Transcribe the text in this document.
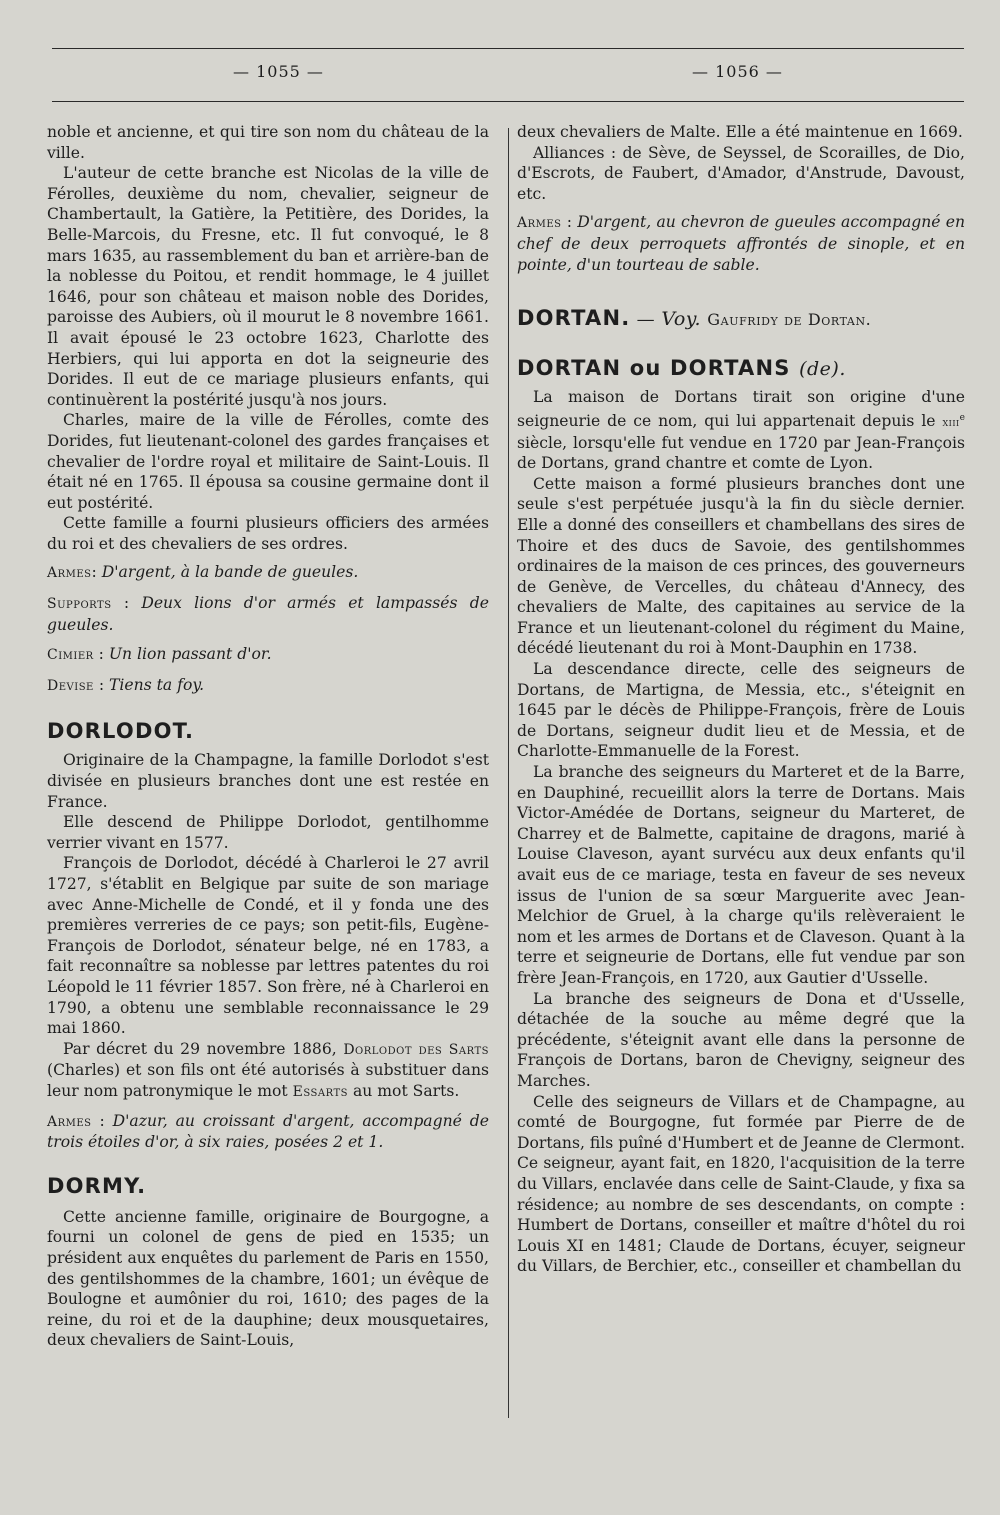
— 1055 —	— 1056 —

noble et ancienne, et qui tire son nom du château de la ville.

L'auteur de cette branche est Nicolas de la ville de Férolles, deuxième du nom, chevalier, seigneur de Chambertault, la Gatière, la Petitière, des Dorides, la Belle-Marcois, du Fresne, etc. Il fut convoqué, le 8 mars 1635, au rassemblement du ban et arrière-ban de la noblesse du Poitou, et rendit hommage, le 4 juillet 1646, pour son château et maison noble des Dorides, paroisse des Aubiers, où il mourut le 8 novembre 1661. Il avait épousé le 23 octobre 1623, Charlotte des Herbiers, qui lui apporta en dot la seigneurie des Dorides. Il eut de ce mariage plusieurs enfants, qui continuèrent la postérité jusqu'à nos jours.

Charles, maire de la ville de Férolles, comte des Dorides, fut lieutenant-colonel des gardes françaises et chevalier de l'ordre royal et militaire de Saint-Louis. Il était né en 1765. Il épousa sa cousine germaine dont il eut postérité.

Cette famille a fourni plusieurs officiers des armées du roi et des chevaliers de ses ordres.

Armes: D'argent, à la bande de gueules.

Supports : Deux lions d'or armés et lampassés de gueules.

Cimier : Un lion passant d'or.

Devise : Tiens ta foy.

DORLODOT.

Originaire de la Champagne, la famille Dorlodot s'est divisée en plusieurs branches dont une est restée en France.

Elle descend de Philippe Dorlodot, gentilhomme verrier vivant en 1577.

François de Dorlodot, décédé à Charleroi le 27 avril 1727, s'établit en Belgique par suite de son mariage avec Anne-Michelle de Condé, et il y fonda une des premières verreries de ce pays; son petit-fils, Eugène-François de Dorlodot, sénateur belge, né en 1783, a fait reconnaître sa noblesse par lettres patentes du roi Léopold le 11 février 1857. Son frère, né à Charleroi en 1790, a obtenu une semblable reconnaissance le 29 mai 1860.

Par décret du 29 novembre 1886, Dorlodot des Sarts (Charles) et son fils ont été autorisés à substituer dans leur nom patronymique le mot Essarts au mot Sarts.

Armes : D'azur, au croissant d'argent, accompagné de trois étoiles d'or, à six raies, posées 2 et 1.

DORMY.

Cette ancienne famille, originaire de Bourgogne, a fourni un colonel de gens de pied en 1535; un président aux enquêtes du parlement de Paris en 1550, des gentilshommes de la chambre, 1601; un évêque de Boulogne et aumônier du roi, 1610; des pages de la reine, du roi et de la dauphine; deux mousquetaires, deux chevaliers de Saint-Louis,

deux chevaliers de Malte. Elle a été maintenue en 1669.

Alliances : de Sève, de Seyssel, de Scorailles, de Dio, d'Escrots, de Faubert, d'Amador, d'Anstrude, Davoust, etc.

Armes : D'argent, au chevron de gueules accompagné en chef de deux perroquets affrontés de sinople, et en pointe, d'un tourteau de sable.

DORTAN. — Voy. Gaufridy de Dortan.
DORTAN ou DORTANS (de).

La maison de Dortans tirait son origine d'une seigneurie de ce nom, qui lui appartenait depuis le xiii$^e$ siècle, lorsqu'elle fut vendue en 1720 par Jean-François de Dortans, grand chantre et comte de Lyon.

Cette maison a formé plusieurs branches dont une seule s'est perpétuée jusqu'à la fin du siècle dernier. Elle a donné des conseillers et chambellans des sires de Thoire et des ducs de Savoie, des gentilshommes ordinaires de la maison de ces princes, des gouverneurs de Genève, de Vercelles, du château d'Annecy, des chevaliers de Malte, des capitaines au service de la France et un lieutenant-colonel du régiment du Maine, décédé lieutenant du roi à Mont-Dauphin en 1738.

La descendance directe, celle des seigneurs de Dortans, de Martigna, de Messia, etc., s'éteignit en 1645 par le décès de Philippe-François, frère de Louis de Dortans, seigneur dudit lieu et de Messia, et de Charlotte-Emmanuelle de la Forest.

La branche des seigneurs du Marteret et de la Barre, en Dauphiné, recueillit alors la terre de Dortans. Mais Victor-Amédée de Dortans, seigneur du Marteret, de Charrey et de Balmette, capitaine de dragons, marié à Louise Claveson, ayant survécu aux deux enfants qu'il avait eus de ce mariage, testa en faveur de ses neveux issus de l'union de sa sœur Marguerite avec Jean-Melchior de Gruel, à la charge qu'ils relèveraient le nom et les armes de Dortans et de Claveson. Quant à la terre et seigneurie de Dortans, elle fut vendue par son frère Jean-François, en 1720, aux Gautier d'Usselle.

La branche des seigneurs de Dona et d'Usselle, détachée de la souche au même degré que la précédente, s'éteignit avant elle dans la personne de François de Dortans, baron de Chevigny, seigneur des Marches.

Celle des seigneurs de Villars et de Champagne, au comté de Bourgogne, fut formée par Pierre de de Dortans, fils puîné d'Humbert et de Jeanne de Clermont. Ce seigneur, ayant fait, en 1820, l'acquisition de la terre du Villars, enclavée dans celle de Saint-Claude, y fixa sa résidence; au nombre de ses descendants, on compte : Humbert de Dortans, conseiller et maître d'hôtel du roi Louis XI en 1481; Claude de Dortans, écuyer, seigneur du Villars, de Berchier, etc., conseiller et chambellan du
